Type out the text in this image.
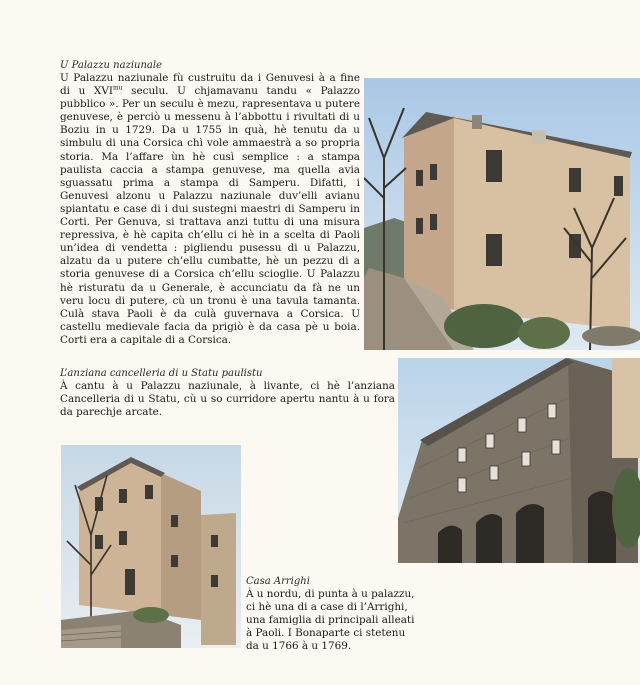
U Palazzu naziunale

U Palazzu naziunale fù custruitu da i Genuvesi à a fine di u $XVI^{mu}$ seculu. U chjamavanu tandu « Palazzo pubblico ». Per un seculu è mezu, rapresentava u putere genuvese, è perciò u messenu à l’abbottu i rivultati di u Boziu in u 1729. Da u 1755 in quà, hè tenutu da u simbulu di una Corsica chì vole ammaestrà a so propria storia. Ma l’affare ùn hè cusì semplice : a stampa paulista caccia a stampa genuvese, ma quella avia sguassatu prima a stampa di Samperu. Difatti, i Genuvesi alzonu u Palazzu naziunale duv’elli avianu spiantatu e case di i dui sustegni maestri di Samperu in Corti. Per Genuva, si trattava anzi tuttu di una misura repressiva, è hè capita ch’ellu ci hè in a scelta di Paoli un’idea di vendetta : pigliendu pusessu di u Palazzu, alzatu da u putere ch’ellu cumbatte, hè un pezzu di a storia genuvese di a Corsica ch’ellu scioglie. U Palazzu hè risturatu da u Generale, è accunciatu da fà ne un veru locu di putere, cù un tronu è una tavula tamanta. Culà stava Paoli è da culà guvernava a Corsica. U castellu medievale facia da prigiò è da casa pè u boia. Corti era a capitale di a Corsica.

L’anziana cancelleria di u Statu paulistu

À cantu à u Palazzu naziunale, à livante, ci hè l’anziana Cancelleria di u Statu, cù u so curridore apertu nantu à u fora da parechje arcate.

Casa Arrighi

À u nordu, di punta à u palazzu, ci hè una di a case di l’Arrighi, una famiglia di principali alleati à Paoli. I Bonaparte ci stetenu da u 1766 à u 1769.
